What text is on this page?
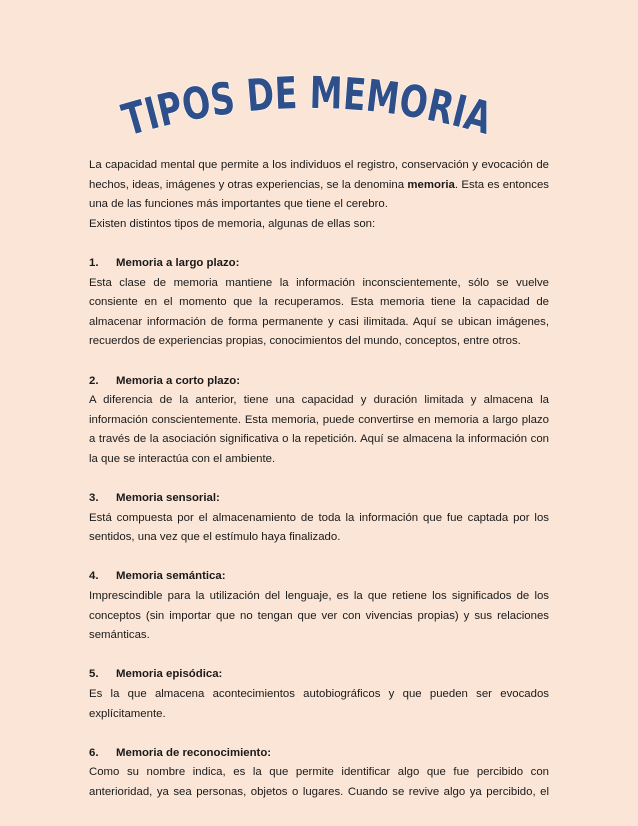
TIPOS DE MEMORIA

La capacidad mental que permite a los individuos el registro, conservación y evocación de hechos, ideas, imágenes y otras experiencias, se la denomina memoria. Esta es entonces una de las funciones más importantes que tiene el cerebro.

Existen distintos tipos de memoria, algunas de ellas son:

1. Memoria a largo plazo:

Esta clase de memoria mantiene la información inconscientemente, sólo se vuelve consiente en el momento que la recuperamos. Esta memoria tiene la capacidad de almacenar información de forma permanente y casi ilimitada. Aquí se ubican imágenes, recuerdos de experiencias propias, conocimientos del mundo, conceptos, entre otros.

2. Memoria a corto plazo:

A diferencia de la anterior, tiene una capacidad y duración limitada y almacena la información conscientemente. Esta memoria, puede convertirse en memoria a largo plazo a través de la asociación significativa o la repetición. Aquí se almacena la información con la que se interactúa con el ambiente.

3. Memoria sensorial:

Está compuesta por el almacenamiento de toda la información que fue captada por los sentidos, una vez que el estímulo haya finalizado.

4. Memoria semántica:

Imprescindible para la utilización del lenguaje, es la que retiene los significados de los conceptos (sin importar que no tengan que ver con vivencias propias) y sus relaciones semánticas.

5. Memoria episódica:

Es la que almacena acontecimientos autobiográficos y que pueden ser evocados explícitamente.

6. Memoria de reconocimiento:

Como su nombre indica, es la que permite identificar algo que fue percibido con anterioridad, ya sea personas, objetos o lugares. Cuando se revive algo ya percibido, el
